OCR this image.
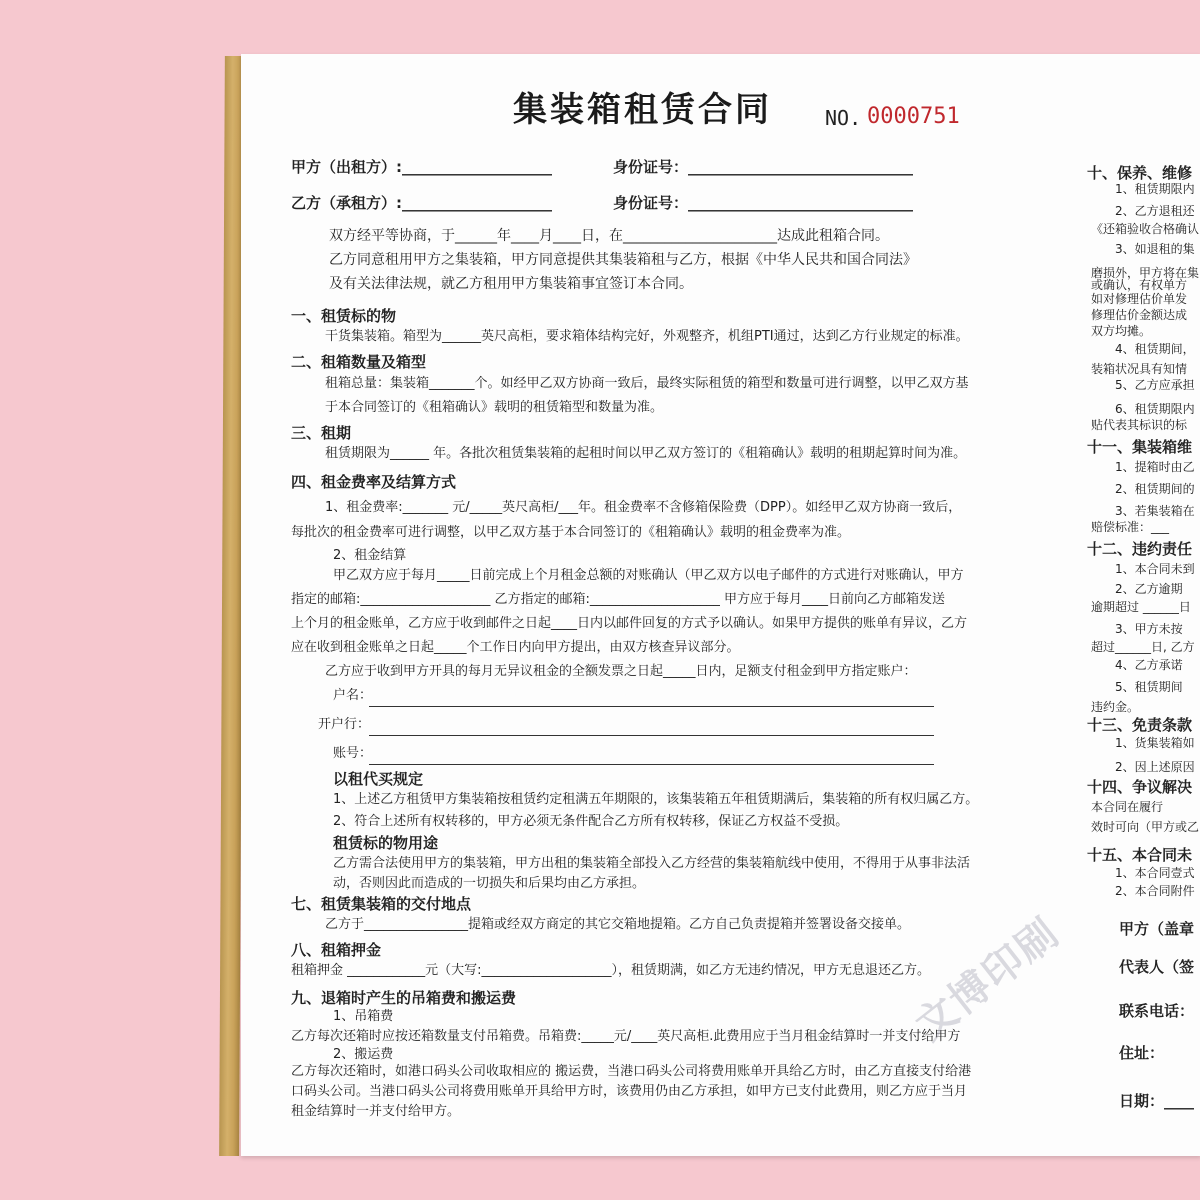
集装箱租赁合同	NO. 0000751
甲方（出租方）:____________________	身份证号：______________________________
乙方（承租方）:____________________	身份证号：______________________________
双方经平等协商，于______年____月____日，在______________________达成此租箱合同。
乙方同意租用甲方之集装箱，甲方同意提供其集装箱租与乙方，根据《中华人民共和国合同法》
及有关法律法规，就乙方租用甲方集装箱事宜签订本合同。
一、租赁标的物
干货集装箱。箱型为______英尺高柜，要求箱体结构完好，外观整齐，机组PTI通过，达到乙方行业规定的标准。
二、租箱数量及箱型
租箱总量：集装箱_______个。如经甲乙双方协商一致后，最终实际租赁的箱型和数量可进行调整，以甲乙双方基
于本合同签订的《租箱确认》载明的租赁箱型和数量为准。
三、租期
租赁期限为______ 年。各批次租赁集装箱的起租时间以甲乙双方签订的《租箱确认》载明的租期起算时间为准。
四、租金费率及结算方式
1、租金费率:_______ 元/_____英尺高柜/___年。租金费率不含修箱保险费（DPP）。如经甲乙双方协商一致后，
每批次的租金费率可进行调整，以甲乙双方基于本合同签订的《租箱确认》载明的租金费率为准。
2、租金结算
甲乙双方应于每月_____日前完成上个月租金总额的对账确认（甲乙双方以电子邮件的方式进行对账确认，甲方
指定的邮箱:____________________ 乙方指定的邮箱:____________________ 甲方应于每月____日前向乙方邮箱发送
上个月的租金账单，乙方应于收到邮件之日起____日内以邮件回复的方式予以确认。如果甲方提供的账单有异议，乙方
应在收到租金账单之日起_____个工作日内向甲方提出，由双方核查异议部分。
乙方应于收到甲方开具的每月无异议租金的全额发票之日起_____日内，足额支付租金到甲方指定账户：
户名：
开户行：
账号：
以租代买规定
1、上述乙方租赁甲方集装箱按租赁约定租满五年期限的，该集装箱五年租赁期满后，集装箱的所有权归属乙方。
2、符合上述所有权转移的，甲方必须无条件配合乙方所有权转移，保证乙方权益不受损。
租赁标的物用途
乙方需合法使用甲方的集装箱，甲方出租的集装箱全部投入乙方经营的集装箱航线中使用，不得用于从事非法活
动，否则因此而造成的一切损失和后果均由乙方承担。
七、租赁集装箱的交付地点
乙方于________________提箱或经双方商定的其它交箱地提箱。乙方自己负责提箱并签署设备交接单。
八、租箱押金
租箱押金 ____________元（大写:____________________），租赁期满，如乙方无违约情况，甲方无息退还乙方。
九、退箱时产生的吊箱费和搬运费
1、吊箱费
乙方每次还箱时应按还箱数量支付吊箱费。吊箱费:_____元/____英尺高柜.此费用应于当月租金结算时一并支付给甲方
2、搬运费
乙方每次还箱时，如港口码头公司收取相应的 搬运费，当港口码头公司将费用账单开具给乙方时，由乙方直接支付给港
口码头公司。当港口码头公司将费用账单开具给甲方时，该费用仍由乙方承担，如甲方已支付此费用，则乙方应于当月
租金结算时一并支付给甲方。
十、保养、维修
1、租赁期限内
2、乙方退租还
《还箱验收合格确认
3、如退租的集
磨损外，甲方将在集
或确认，有权单方
如对修理估价单发
修理估价金额达成
双方均摊。
4、租赁期间，
装箱状况具有知情
5、乙方应承担
6、租赁期限内
贴代表其标识的标
十一、集装箱维
1、提箱时由乙
2、租赁期间的
3、若集装箱在
赔偿标准：___
十二、违约责任
1、本合同未到
2、乙方逾期
逾期超过 ______日
3、甲方未按
超过______日, 乙方
4、乙方承诺
5、租赁期间
违约金。
十三、免责条款
1、货集装箱如
2、因上述原因
十四、争议解决
本合同在履行
效时可向（甲方或乙
十五、本合同未
1、本合同壹式
2、本合同附件
甲方（盖章
代表人（签
联系电话：
住址：
日期：____
文博印刷
